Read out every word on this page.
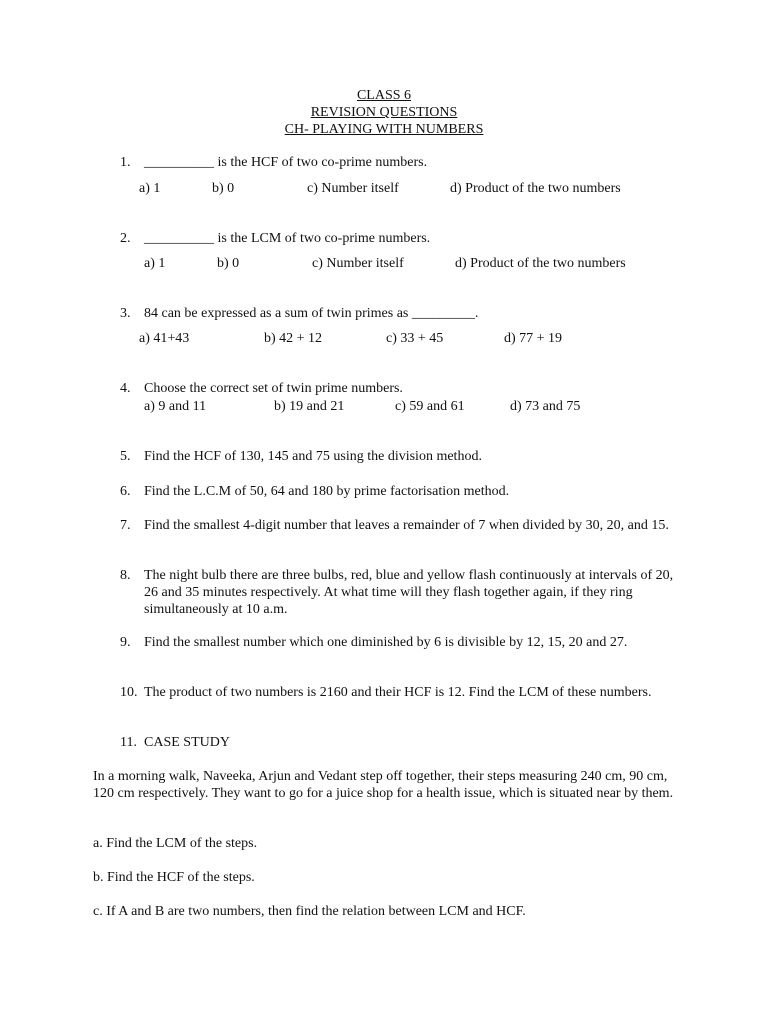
CLASS 6
REVISION QUESTIONS
CH- PLAYING WITH NUMBERS
1. __________ is the HCF of two co-prime numbers.
a) 1	b) 0	c) Number itself	d) Product of the two numbers
2. __________ is the LCM of two co-prime numbers.
a) 1	b) 0	c) Number itself	d) Product of the two numbers
3. 84 can be expressed as a sum of twin primes as _________.
a) 41+43	b) 42 + 12	c) 33 + 45	d) 77 + 19
4. Choose the correct set of twin prime numbers.
a) 9 and 11	b) 19 and 21	c) 59 and 61	d) 73 and 75
5. Find the HCF of 130, 145 and 75 using the division method.
6. Find the L.C.M of 50, 64 and 180 by prime factorisation method.
7. Find the smallest 4-digit number that leaves a remainder of 7 when divided by 30, 20, and 15.
8. The night bulb there are three bulbs, red, blue and yellow flash continuously at intervals of 20, 26 and 35 minutes respectively. At what time will they flash together again, if they ring simultaneously at 10 a.m.
9. Find the smallest number which one diminished by 6 is divisible by 12, 15, 20 and 27.
10. The product of two numbers is 2160 and their HCF is 12. Find the LCM of these numbers.
11. CASE STUDY
In a morning walk, Naveeka, Arjun and Vedant step off together, their steps measuring 240 cm, 90 cm, 120 cm respectively. They want to go for a juice shop for a health issue, which is situated near by them.
a. Find the LCM of the steps.
b. Find the HCF of the steps.
c. If A and B are two numbers, then find the relation between LCM and HCF.
